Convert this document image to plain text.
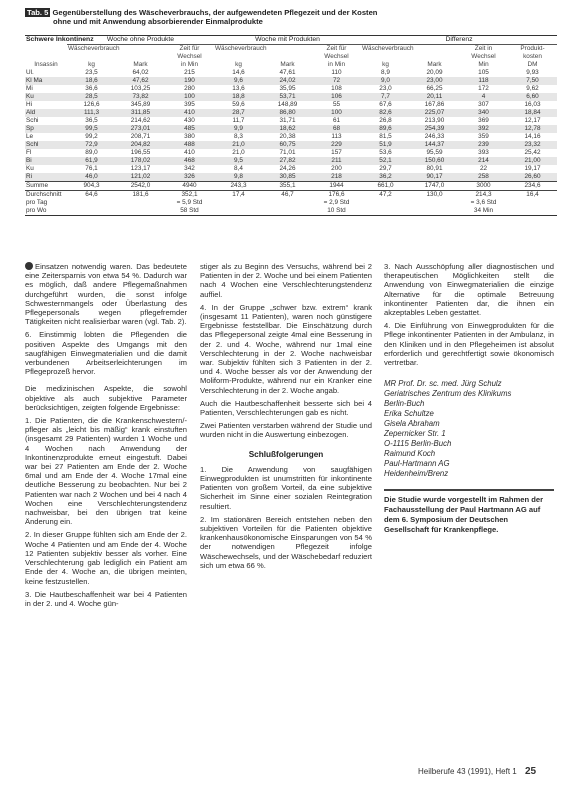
Tab. 5 Gegenüberstellung des Wäscheverbrauchs, der aufgewendeten Pflegezeit und der Kosten
ohne und mit Anwendung absorbierender Einmalprodukte
Schwere Inkontinenz	Woche ohne Produkte			Woche mit Produkten			Differenz			
	Wäscheverbrauch		Zeit für	Wäscheverbrauch		Zeit für	Wäscheverbrauch		Zeit in	Produkt-
			Wechsel			Wechsel			Wechsel	kosten
Insassin	kg	Mark	in Min	kg	Mark	in Min	kg	Mark	Min	DM
Ul.	23,5	64,02	215	14,6	47,61	110	8,9	20,09	105	9,93
Kl Ma	18,6	47,62	190	9,6	24,02	72	9,0	23,00	118	7,50
Mi	36,6	103,25	280	13,6	35,95	108	23,0	66,25	172	9,62
Ku	28,5	73,82	100	18,8	53,71	106	7,7	20,11	4	6,60
Hi	126,6	345,89	395	59,6	148,89	55	67,6	167,86	307	16,03
Ald	111,3	311,85	410	28,7	86,80	100	82,6	225,07	340	18,84
Schi	36,5	214,62	430	11,7	31,71	61	26,8	213,90	369	12,17
Sp	99,5	273,01	485	9,9	18,62	68	89,6	254,39	392	12,78
Le	99,2	208,71	380	8,3	20,38	113	81,5	246,33	359	14,16
Schl	72,9	204,82	488	21,0	60,75	229	51,9	144,37	239	23,32
Fl	89,0	196,55	410	21,0	71,01	157	53,6	95,59	393	25,42
Bi	61,9	178,02	468	9,5	27,82	211	52,1	150,60	214	21,00
Ku	76,1	123,17	342	8,4	24,26	200	29,7	80,91	22	19,17
Ri	46,0	121,02	326	9,8	30,85	218	36,2	90,17	258	26,60
Summe	904,3	2542,0	4940	243,3	355,1	1944	661,0	1747,0	3000	234,6
Durchschnitt	64,6	181,6	352,1	17,4	46,7	176,6	47,2	130,0	214,3	16,4
pro Tag			= 5,9 Std			= 2,9 Std			= 3,6 Std	
pro Wo			58 Std			10 Std			34 Min	

Einsatzen notwendig waren. Das bedeutete eine Zeitersparnis von etwa 54 %. Dadurch war es möglich, daß andere Pflegemaßnahmen durchgeführt wurden, die sonst infolge Schwesternmangels oder Überlastung des Pflegepersonals wegen pflegefremder Tätigkeiten nicht realisierbar waren (vgl. Tab. 2).

6. Einstimmig lobten die Pflegenden die positiven Aspekte des Umgangs mit den saugfähigen Einwegmaterialien und die damit verbundenen Arbeitserleichterungen im Pflegeprozeß hervor.

Die medizinischen Aspekte, die sowohl objektive als auch subjektive Parameter berücksichtigen, zeigten folgende Ergebnisse:

1. Die Patienten, die die Krankenschwestern/-pfleger als „leicht bis mäßig“ krank einstuften (insgesamt 29 Patienten) wurden 1 Woche und 4 Wochen nach Anwendung der Inkontinenzprodukte erneut eingestuft. Dabei war bei 27 Patienten am Ende der 2. Woche 6mal und am Ende der 4. Woche 17mal eine deutliche Besserung zu beobachten. Nur bei 2 Patienten war nach 2 Wochen und bei 4 nach 4 Wochen eine Verschlechterungstendenz nachweisbar, bei den übrigen trat keine Änderung ein.

2. In dieser Gruppe fühlten sich am Ende der 2. Woche 4 Patienten und am Ende der 4. Woche 12 Patienten subjektiv besser als vorher. Eine Verschlechterung gab lediglich ein Patient am Ende der 4. Woche an, die übrigen meinten, keine festzustellen.

3. Die Hautbeschaffenheit war bei 4 Patienten in der 2. und 4. Woche gün-

stiger als zu Beginn des Versuchs, während bei 2 Patienten in der 2. Woche und bei einem Patienten nach 4 Wochen eine Verschlechterungstendenz auffiel.

4. In der Gruppe „schwer bzw. extrem“ krank (insgesamt 11 Patienten), waren noch günstigere Ergebnisse feststellbar. Die Einschätzung durch das Pflegepersonal zeigte 4mal eine Besserung in der 2. und 4. Woche, während nur 1mal eine Verschlechterung in der 2. Woche nachweisbar war. Subjektiv fühlten sich 3 Patienten in der 2. und 4. Woche besser als vor der Anwendung der Moliform-Produkte, während nur ein Kranker eine Verschlechterung in der 2. Woche angab.

Auch die Hautbeschaffenheit besserte sich bei 4 Patienten, Verschlechterungen gab es nicht.

Zwei Patienten verstarben während der Studie und wurden nicht in die Auswertung einbezogen.

Schlußfolgerungen

1. Die Anwendung von saugfähigen Einwegprodukten ist unumstritten für inkontinente Patienten von großem Vorteil, da eine subjektive Sicherheit im Sinne einer sozialen Reintegration resultiert.

2. Im stationären Bereich entstehen neben den subjektiven Vorteilen für die Patienten objektive krankenhausökonomische Einsparungen von 54 % der notwendigen Pflegezeit infolge Wäschewechsels, und der Wäschebedarf reduziert sich um etwa 66 %.

3. Nach Ausschöpfung aller diagnostischen und therapeutischen Möglichkeiten stellt die Anwendung von Einwegmaterialien die einzige Alternative für die optimale Betreuung inkontinenter Patienten dar, die ihnen ein akzeptables Leben gestattet.

4. Die Einführung von Einwegprodukten für die Pflege inkontinenter Patienten in der Ambulanz, in den Kliniken und in den Pflegeheimen ist absolut erforderlich und gerechtfertigt sowie ökonomisch vertretbar.

MR Prof. Dr. sc. med. Jürg Schulz
Geriatrisches Zentrum des Klinikums
Berlin-Buch
Erika Schultze
Gisela Abraham
Zepernicker Str. 1
O-1115 Berlin-Buch
Raimund Koch
Paul-Hartmann AG
Heidenheim/Brenz
Die Studie wurde vorgestellt im Rahmen der Fachausstellung der Paul Hartmann AG auf dem 6. Symposium der Deutschen Gesellschaft für Krankenpflege.
Heilberufe 43 (1991), Heft 1 25
